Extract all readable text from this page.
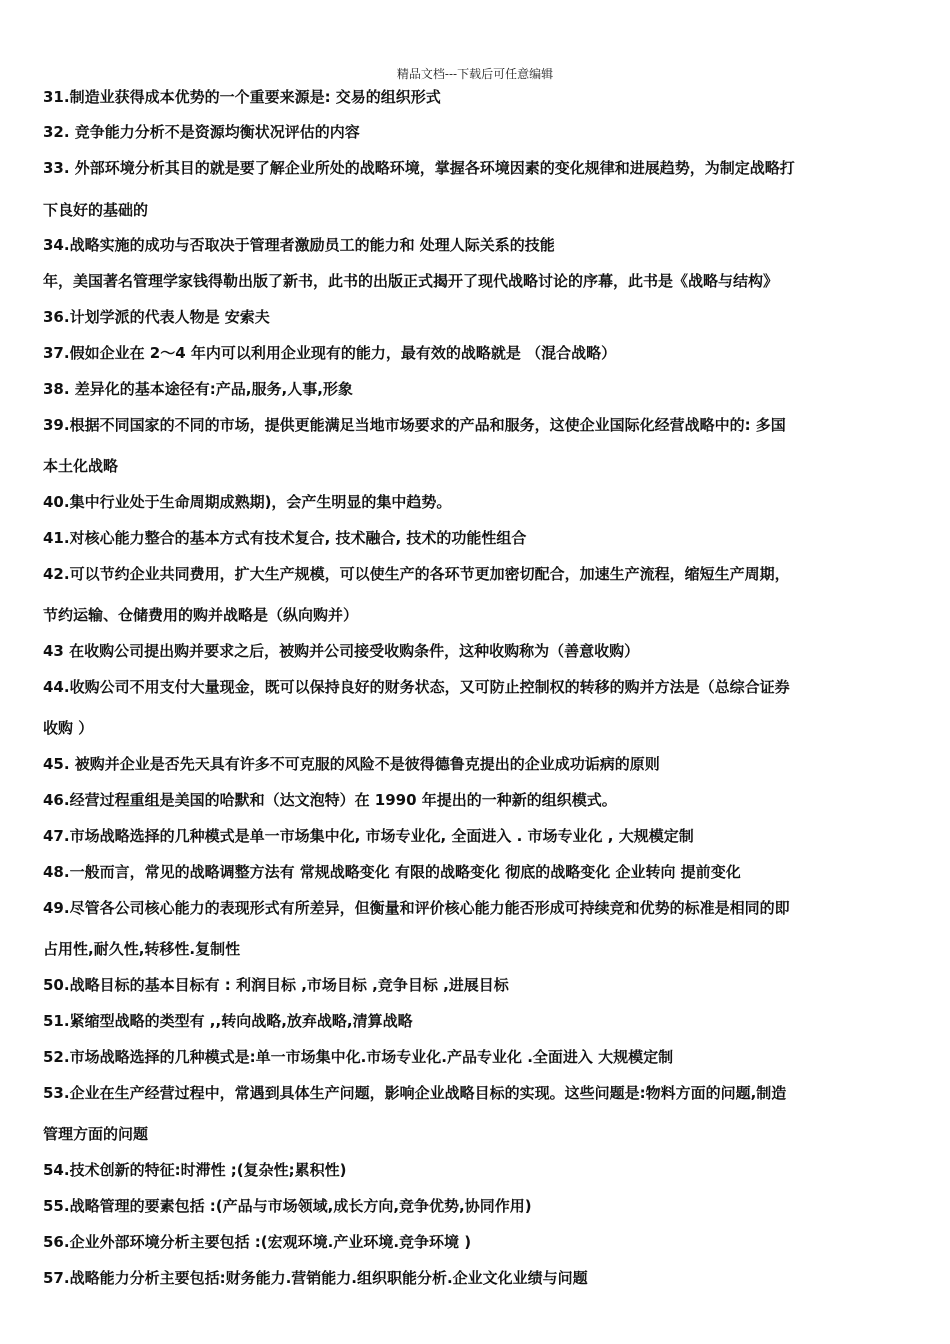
精品文档---下载后可任意编辑
31.制造业获得成本优势的一个重要来源是: 交易的组织形式
32. 竞争能力分析不是资源均衡状况评估的内容
33. 外部环境分析其目的就是要了解企业所处的战略环境，掌握各环境因素的变化规律和进展趋势，为制定战略打
下良好的基础的
34.战略实施的成功与否取决于管理者激励员工的能力和 处理人际关系的技能
年，美国著名管理学家钱得勒出版了新书，此书的出版正式揭开了现代战略讨论的序幕，此书是《战略与结构》
36.计划学派的代表人物是 安索夫
37.假如企业在 2～4 年内可以利用企业现有的能力，最有效的战略就是 （混合战略）
38. 差异化的基本途径有:产品,服务,人事,形象
39.根据不同国家的不同的市场，提供更能满足当地市场要求的产品和服务，这使企业国际化经营战略中的: 多国
本土化战略
40.集中行业处于生命周期成熟期)，会产生明显的集中趋势。
41.对核心能力整合的基本方式有技术复合, 技术融合, 技术的功能性组合
42.可以节约企业共同费用，扩大生产规模，可以使生产的各环节更加密切配合，加速生产流程，缩短生产周期，
节约运输、仓储费用的购并战略是（纵向购并）
43 在收购公司提出购并要求之后，被购并公司接受收购条件，这种收购称为（善意收购）
44.收购公司不用支付大量现金，既可以保持良好的财务状态，又可防止控制权的转移的购并方法是（总综合证券
收购 ）
45. 被购并企业是否先天具有许多不可克服的风险不是彼得德鲁克提出的企业成功诟病的原则
46.经营过程重组是美国的哈默和（达文泡特）在 1990 年提出的一种新的组织模式。
47.市场战略选择的几种模式是单一市场集中化, 市场专业化, 全面进入 . 市场专业化 , 大规模定制
48.一般而言，常见的战略调整方法有 常规战略变化 有限的战略变化 彻底的战略变化 企业转向 提前变化
49.尽管各公司核心能力的表现形式有所差异，但衡量和评价核心能力能否形成可持续竞和优势的标准是相同的即
占用性,耐久性,转移性.复制性
50.战略目标的基本目标有 : 利润目标 ,市场目标 ,竞争目标 ,进展目标
51.紧缩型战略的类型有 ,,转向战略,放弃战略,清算战略
52.市场战略选择的几种模式是:单一市场集中化.市场专业化.产品专业化 .全面进入 大规模定制
53.企业在生产经营过程中，常遇到具体生产问题，影响企业战略目标的实现。这些问题是:物料方面的问题,制造
管理方面的问题
54.技术创新的特征:时滞性 ;(复杂性;累积性)
55.战略管理的要素包括 :(产品与市场领域,成长方向,竞争优势,协同作用)
56.企业外部环境分析主要包括 :(宏观环境.产业环境.竞争环境 )
57.战略能力分析主要包括:财务能力.营销能力.组织职能分析.企业文化业绩与问题
